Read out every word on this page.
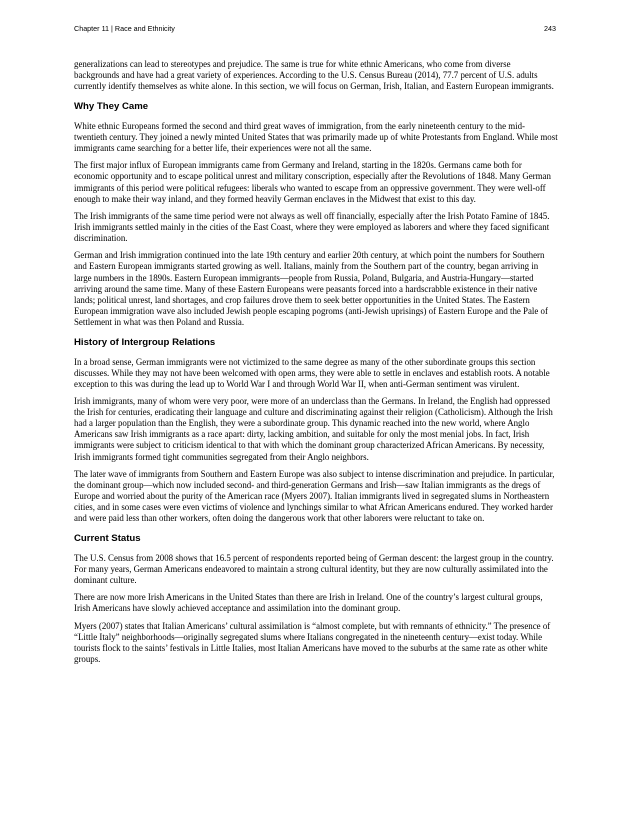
Chapter 11 | Race and Ethnicity	243

generalizations can lead to stereotypes and prejudice. The same is true for white ethnic Americans, who come from diverse backgrounds and have had a great variety of experiences. According to the U.S. Census Bureau (2014), 77.7 percent of U.S. adults currently identify themselves as white alone. In this section, we will focus on German, Irish, Italian, and Eastern European immigrants.

Why They Came

White ethnic Europeans formed the second and third great waves of immigration, from the early nineteenth century to the mid-twentieth century. They joined a newly minted United States that was primarily made up of white Protestants from England. While most immigrants came searching for a better life, their experiences were not all the same.

The first major influx of European immigrants came from Germany and Ireland, starting in the 1820s. Germans came both for economic opportunity and to escape political unrest and military conscription, especially after the Revolutions of 1848. Many German immigrants of this period were political refugees: liberals who wanted to escape from an oppressive government. They were well-off enough to make their way inland, and they formed heavily German enclaves in the Midwest that exist to this day.

The Irish immigrants of the same time period were not always as well off financially, especially after the Irish Potato Famine of 1845. Irish immigrants settled mainly in the cities of the East Coast, where they were employed as laborers and where they faced significant discrimination.

German and Irish immigration continued into the late 19th century and earlier 20th century, at which point the numbers for Southern and Eastern European immigrants started growing as well. Italians, mainly from the Southern part of the country, began arriving in large numbers in the 1890s. Eastern European immigrants—people from Russia, Poland, Bulgaria, and Austria-Hungary—started arriving around the same time. Many of these Eastern Europeans were peasants forced into a hardscrabble existence in their native lands; political unrest, land shortages, and crop failures drove them to seek better opportunities in the United States. The Eastern European immigration wave also included Jewish people escaping pogroms (anti-Jewish uprisings) of Eastern Europe and the Pale of Settlement in what was then Poland and Russia.

History of Intergroup Relations

In a broad sense, German immigrants were not victimized to the same degree as many of the other subordinate groups this section discusses. While they may not have been welcomed with open arms, they were able to settle in enclaves and establish roots. A notable exception to this was during the lead up to World War I and through World War II, when anti-German sentiment was virulent.

Irish immigrants, many of whom were very poor, were more of an underclass than the Germans. In Ireland, the English had oppressed the Irish for centuries, eradicating their language and culture and discriminating against their religion (Catholicism). Although the Irish had a larger population than the English, they were a subordinate group. This dynamic reached into the new world, where Anglo Americans saw Irish immigrants as a race apart: dirty, lacking ambition, and suitable for only the most menial jobs. In fact, Irish immigrants were subject to criticism identical to that with which the dominant group characterized African Americans. By necessity, Irish immigrants formed tight communities segregated from their Anglo neighbors.

The later wave of immigrants from Southern and Eastern Europe was also subject to intense discrimination and prejudice. In particular, the dominant group—which now included second- and third-generation Germans and Irish—saw Italian immigrants as the dregs of Europe and worried about the purity of the American race (Myers 2007). Italian immigrants lived in segregated slums in Northeastern cities, and in some cases were even victims of violence and lynchings similar to what African Americans endured. They worked harder and were paid less than other workers, often doing the dangerous work that other laborers were reluctant to take on.

Current Status

The U.S. Census from 2008 shows that 16.5 percent of respondents reported being of German descent: the largest group in the country. For many years, German Americans endeavored to maintain a strong cultural identity, but they are now culturally assimilated into the dominant culture.

There are now more Irish Americans in the United States than there are Irish in Ireland. One of the country’s largest cultural groups, Irish Americans have slowly achieved acceptance and assimilation into the dominant group.

Myers (2007) states that Italian Americans’ cultural assimilation is “almost complete, but with remnants of ethnicity.” The presence of “Little Italy” neighborhoods—originally segregated slums where Italians congregated in the nineteenth century—exist today. While tourists flock to the saints’ festivals in Little Italies, most Italian Americans have moved to the suburbs at the same rate as other white groups.
